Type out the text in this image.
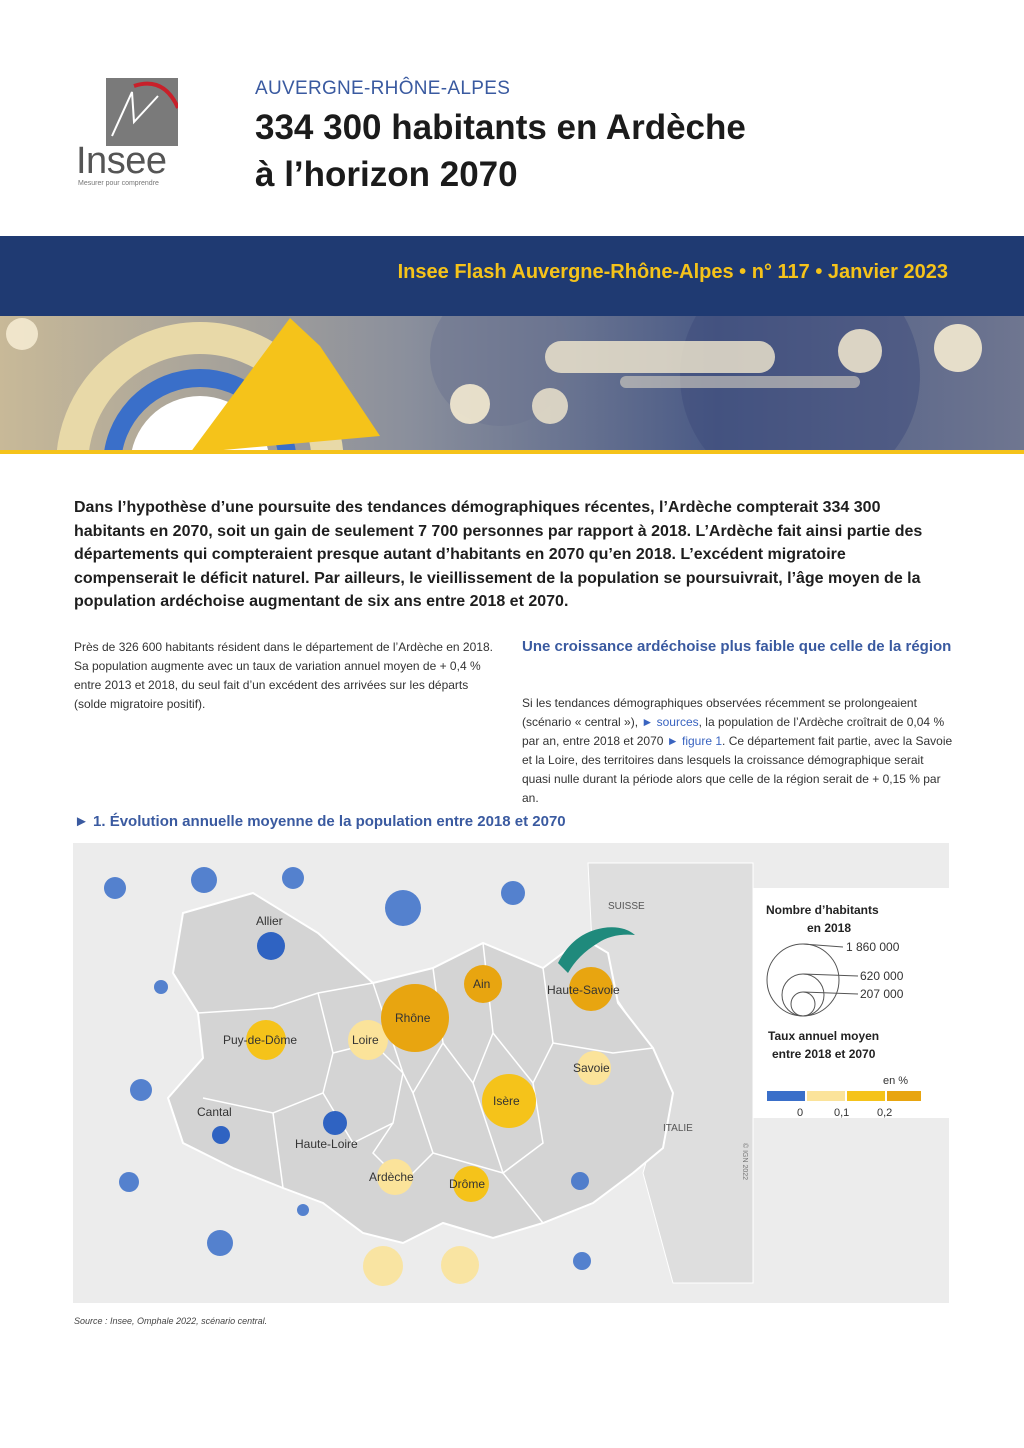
Insee
Mesurer pour comprendre
AUVERGNE-RHÔNE-ALPES
334 300 habitants en Ardèche
à l’horizon 2070
Insee Flash Auvergne-Rhône-Alpes • n° 117 • Janvier 2023
Dans l’hypothèse d’une poursuite des tendances démographiques récentes, l’Ardèche compterait 334 300 habitants en 2070, soit un gain de seulement 7 700 personnes par rapport à 2018. L’Ardèche fait ainsi partie des départements qui compteraient presque autant d’habitants en 2070 qu’en 2018. L’excédent migratoire compenserait le déficit naturel. Par ailleurs, le vieillissement de la population se poursuivrait, l’âge moyen de la population ardéchoise augmentant de six ans entre 2018 et 2070.
Près de 326 600 habitants résident dans le département de l’Ardèche en 2018. Sa population augmente avec un taux de variation annuel moyen de + 0,4 % entre 2013 et 2018, du seul fait d’un excédent des arrivées sur les départs (solde migratoire positif).
Une croissance ardéchoise plus faible que celle de la région
Si les tendances démographiques observées récemment se prolongeaient (scénario « central »), ► sources, la population de l’Ardèche croîtrait de 0,04 % par an, entre 2018 et 2070 ► figure 1. Ce département fait partie, avec la Savoie et la Loire, des territoires dans lesquels la croissance démographique serait quasi nulle durant la période alors que celle de la région serait de + 0,15 % par an.
► 1. Évolution annuelle moyenne de la population entre 2018 et 2070
SUISSE
ITALIE
© IGN 2022
Allier
Puy-de-Dôme	Loire
Rhône
Ain	Haute-Savoie
Savoie
Isère
Cantal
Haute-Loire
Ardèche	Drôme
Nombre d’habitants
en 2018
1 860 000
620 000
207 000
Taux annuel moyen
entre 2018 et 2070
en %
0	0,1	0,2
Source : Insee, Omphale 2022, scénario central.
